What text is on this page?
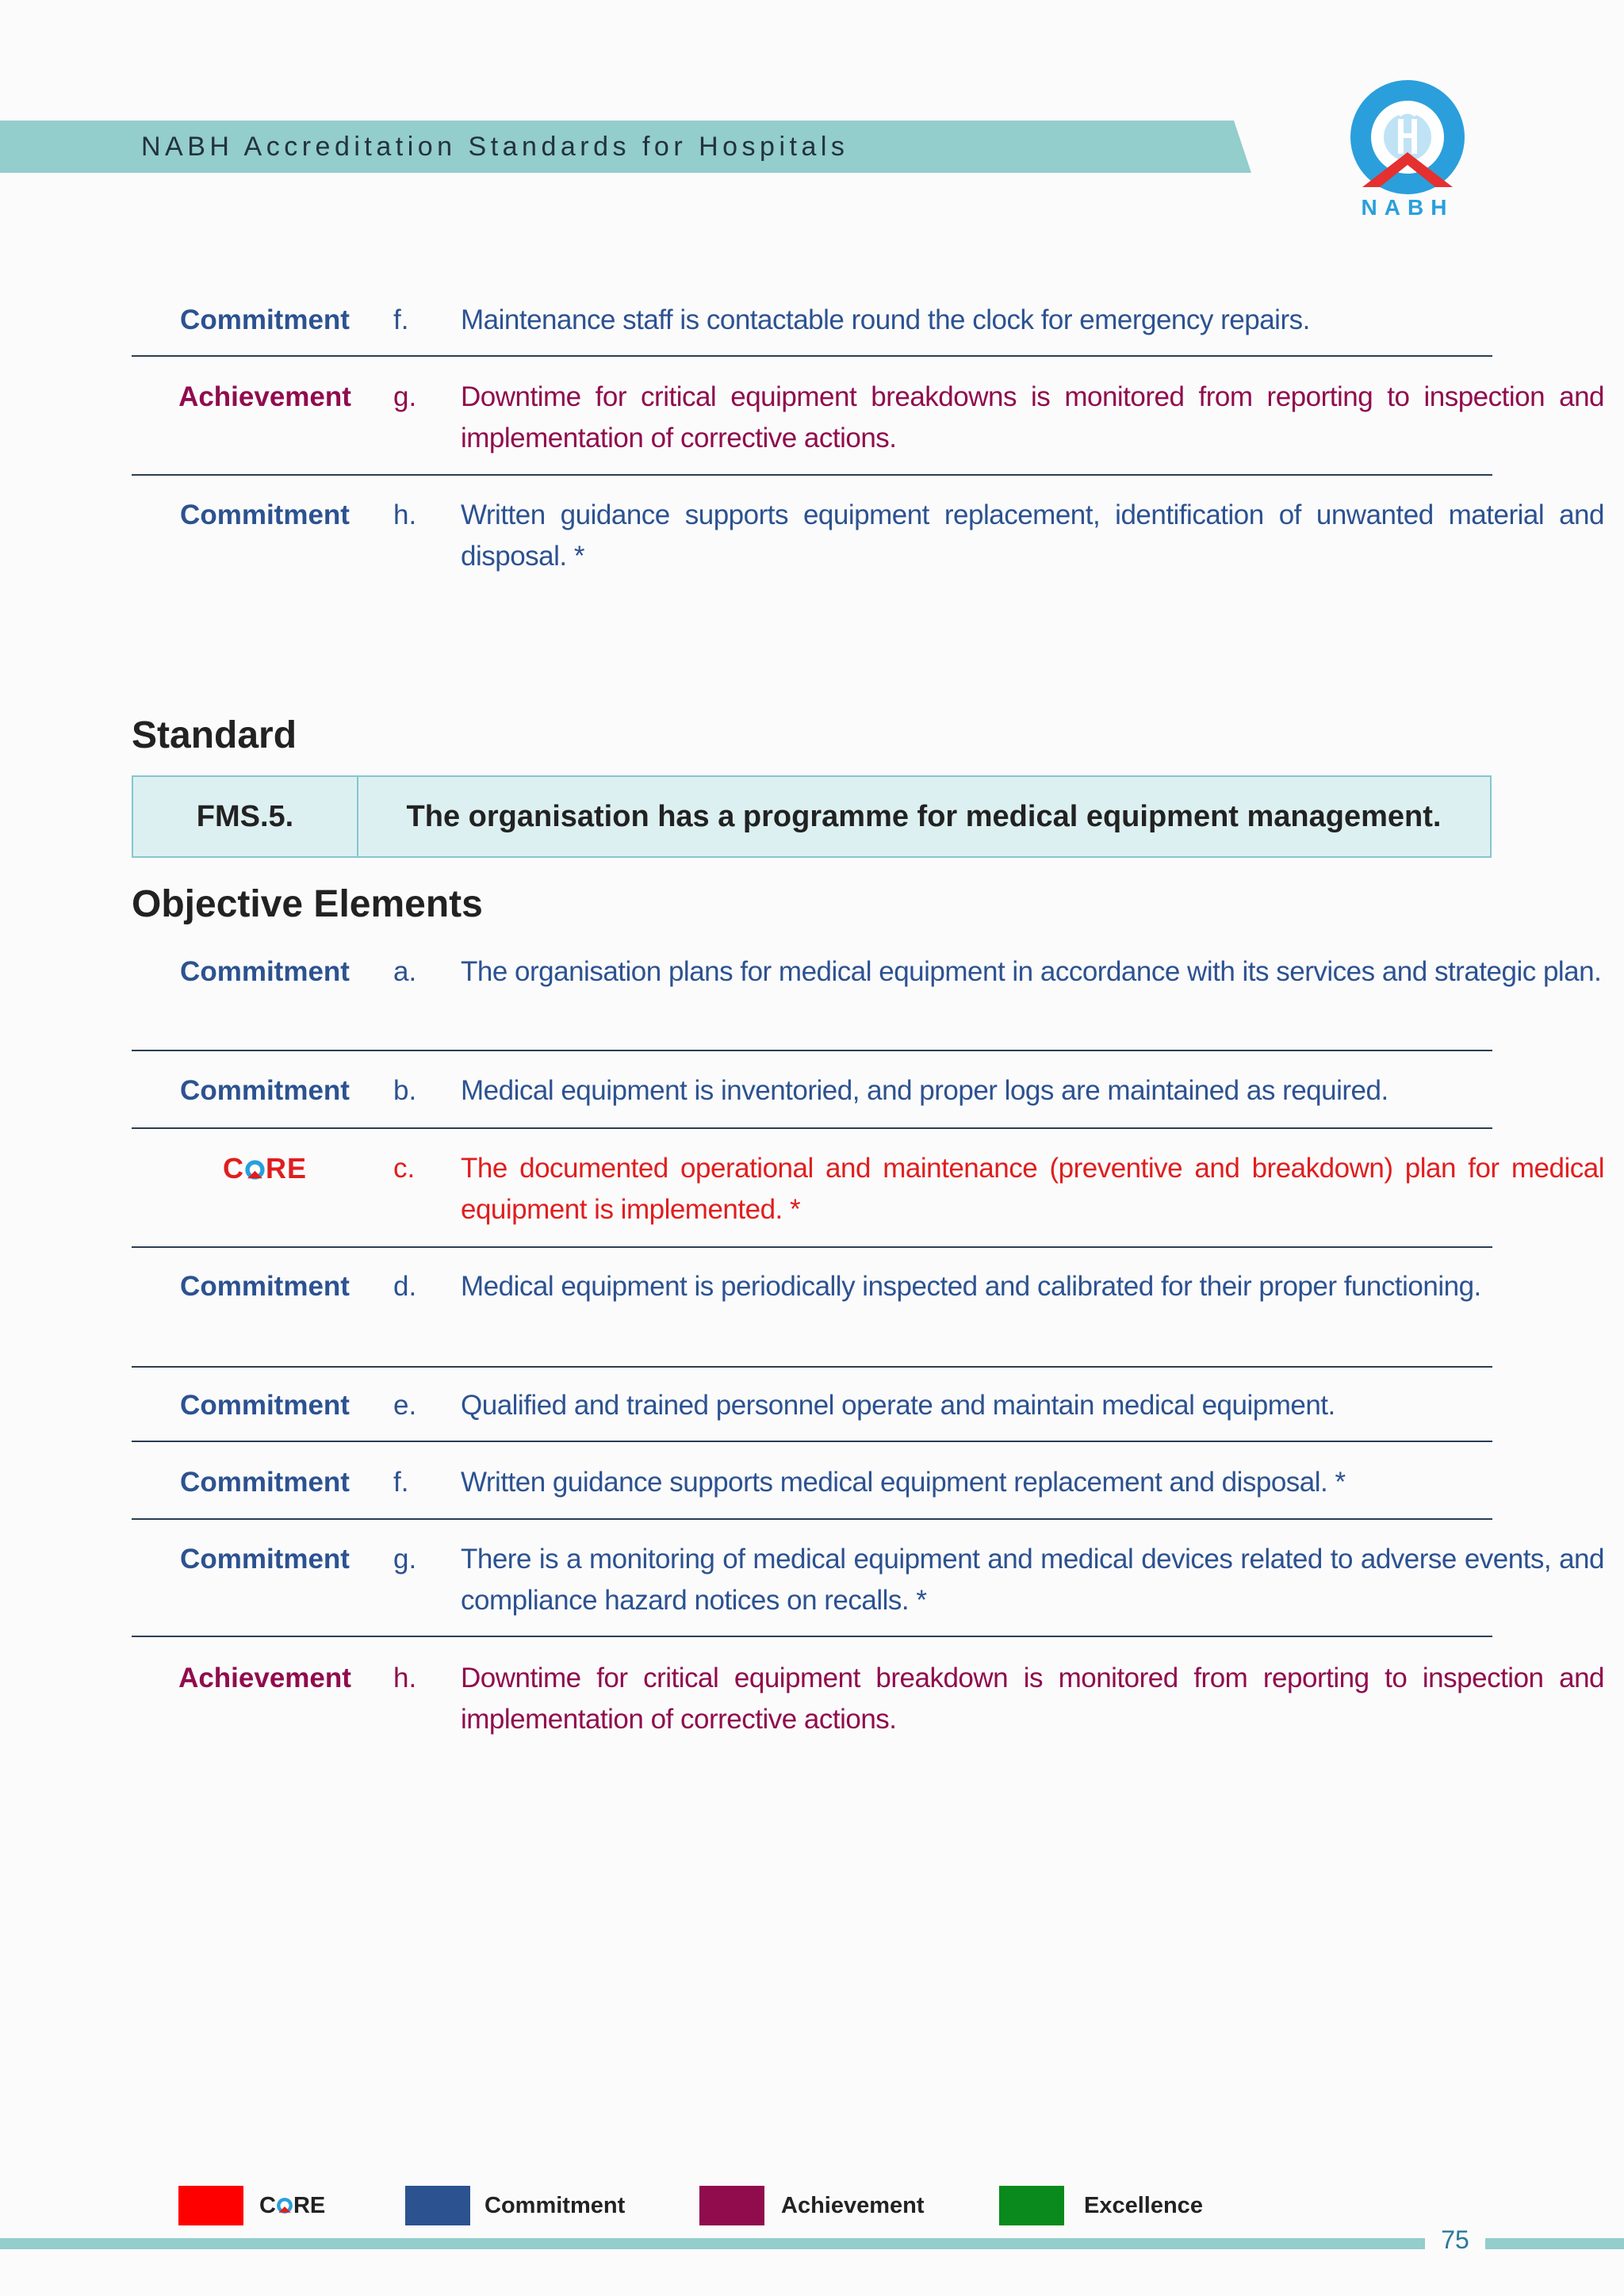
NABH Accreditation Standards for Hospitals
NABH
Commitment f. Maintenance staff is contactable round the clock for emergency repairs.
Achievement g. Downtime for critical equipment breakdowns is monitored from reporting to inspection and implementation of corrective actions.
Commitment h. Written guidance supports equipment replacement, identification of unwanted material and disposal. *
Standard
FMS.5.	The organisation has a programme for medical equipment management.
Objective Elements
Commitment a. The organisation plans for medical equipment in accordance with its services and strategic plan.
Commitment b. Medical equipment is inventoried, and proper logs are maintained as required.
C RE	c. The documented operational and maintenance (preventive and breakdown) plan for medical equipment is implemented. *
Commitment d. Medical equipment is periodically inspected and calibrated for their proper functioning.
Commitment e. Qualified and trained personnel operate and maintain medical equipment.
Commitment f. Written guidance supports medical equipment replacement and disposal. *
Commitment g. There is a monitoring of medical equipment and medical devices related to adverse events, and compliance hazard notices on recalls. *
Achievement h. Downtime for critical equipment breakdown is monitored from reporting to inspection and implementation of corrective actions.
C RE	Commitment	Achievement	Excellence
75
